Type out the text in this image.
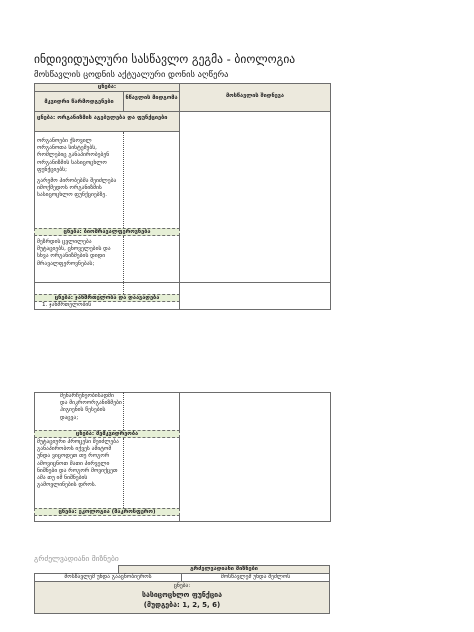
ინდივიდუალური სასწავლო გეგმა - ბიოლოგია
მოსწავლის ცოდნის აქტუალური დონის აღწერა
ცნება:
მკვიდრი წარმოდგენები
ნწავლის მიდგომა	მოსწავლის შიდნევა
ცნება: ორგანიზმის აგებულება და ფუნქციები
ორგანოები ქსოვილ ორგანოთა სისტემებს, რომლებიც განაპირობებენ ორგანიზმის სასიცოცხლო ფუნქციებს;
გარემო პირობებმა შეიძლება იმოქმედოს ორგანიზმის სასიცოცხლო ფუნქციებზე.
ცნება: ბიომრავალფეროვნება
მეზრდის ცვლილება მუტაციებს, ცხოველების და სხვა ორგანიზმების დიდი მრავალფეროვნებას;
ცნება: ჯანმრთელობა და დაავადება
1. ჯანმრთელობის
მენარჩენეობისადმი და მიკროორგანიზმები ჰიგიენის წესების დაცვა;
ცნება: მემკვიდრეობა
მუტაციური პროცესი შეიძლება განაპირობოს იქვეს ამიტომ უნდა ვიცოდეთ თუ როგორ ამოვიცნოთ მათი პირველი ნიშნები და როგორ მოვიქცეთ ამა თუ იმ ნიშნების გამოვლინების დროს.
ცნება: ეკოლოგია (მაკროსფერო)
გრძელვადიანი მიზნები
გრძელვადიანი მიზნები
მოსწავლემ უნდა გააცნობიეროს	მოსწავლემ უნდა შეძლოს
ცნება:
სასიცოცხლო ფუნქცია
(მუდგება: 1, 2, 5, 6)
